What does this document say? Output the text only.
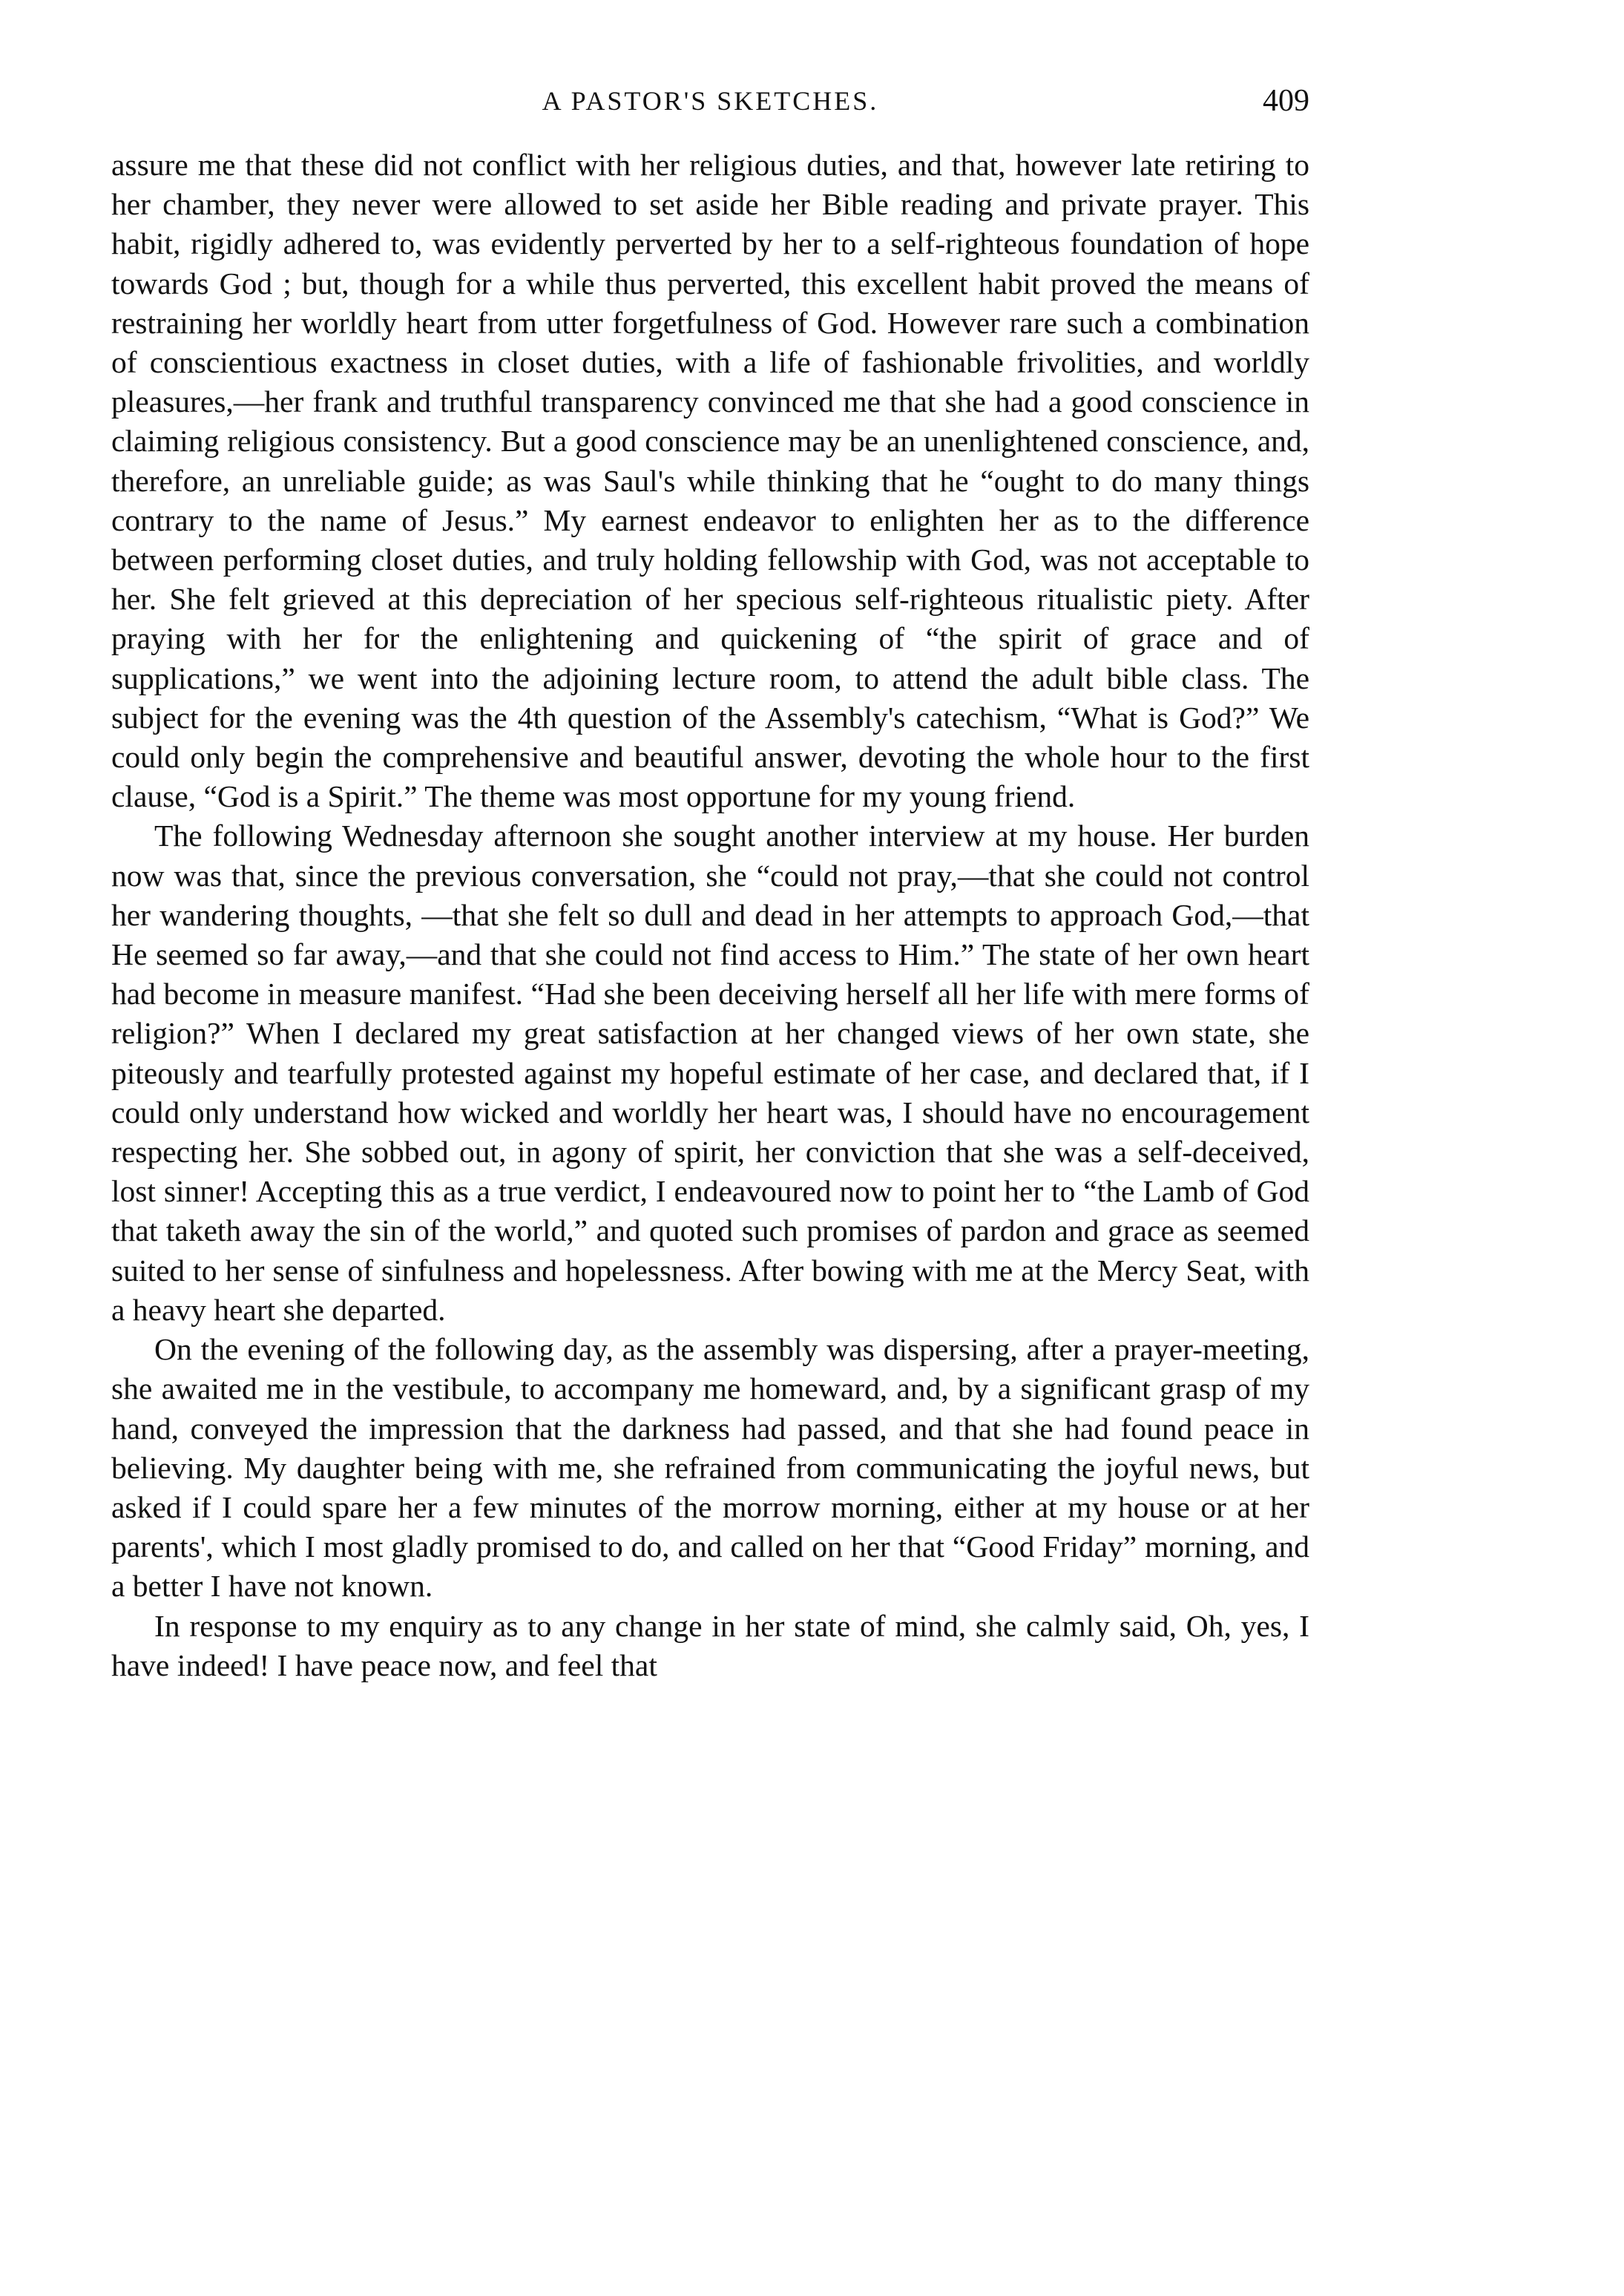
A PASTOR'S SKETCHES.	409

assure me that these did not conflict with her religious duties, and that, however late retiring to her chamber, they never were allowed to set aside her Bible reading and private prayer. This habit, rigidly adhered to, was evidently perverted by her to a self-righteous foundation of hope towards God ; but, though for a while thus perverted, this excellent habit proved the means of restraining her worldly heart from utter forgetfulness of God. However rare such a combination of conscientious exactness in closet duties, with a life of fashionable frivolities, and worldly pleasures,—her frank and truthful transparency convinced me that she had a good conscience in claiming religious consistency. But a good conscience may be an unenlightened conscience, and, therefore, an unreliable guide; as was Saul's while thinking that he “ought to do many things contrary to the name of Jesus.” My earnest endeavor to enlighten her as to the difference between performing closet duties, and truly holding fellowship with God, was not acceptable to her. She felt grieved at this depreciation of her specious self-righteous ritualistic piety. After praying with her for the enlightening and quickening of “the spirit of grace and of supplications,” we went into the adjoining lecture room, to attend the adult bible class. The subject for the evening was the 4th question of the Assembly's catechism, “What is God?” We could only begin the comprehensive and beautiful answer, devoting the whole hour to the first clause, “God is a Spirit.” The theme was most opportune for my young friend.

The following Wednesday afternoon she sought another interview at my house. Her burden now was that, since the previous conversation, she “could not pray,—that she could not control her wandering thoughts, —that she felt so dull and dead in her attempts to approach God,—that He seemed so far away,—and that she could not find access to Him.” The state of her own heart had become in measure manifest. “Had she been deceiving herself all her life with mere forms of religion?” When I declared my great satisfaction at her changed views of her own state, she piteously and tearfully protested against my hopeful estimate of her case, and declared that, if I could only understand how wicked and worldly her heart was, I should have no encouragement respecting her. She sobbed out, in agony of spirit, her conviction that she was a self-deceived, lost sinner! Accepting this as a true verdict, I endeavoured now to point her to “the Lamb of God that taketh away the sin of the world,” and quoted such promises of pardon and grace as seemed suited to her sense of sinfulness and hopelessness. After bowing with me at the Mercy Seat, with a heavy heart she departed.

On the evening of the following day, as the assembly was dispersing, after a prayer-meeting, she awaited me in the vestibule, to accompany me homeward, and, by a significant grasp of my hand, conveyed the impression that the darkness had passed, and that she had found peace in believing. My daughter being with me, she refrained from communicating the joyful news, but asked if I could spare her a few minutes of the morrow morning, either at my house or at her parents', which I most gladly promised to do, and called on her that “Good Friday” morning, and a better I have not known.

In response to my enquiry as to any change in her state of mind, she calmly said, Oh, yes, I have indeed! I have peace now, and feel that
